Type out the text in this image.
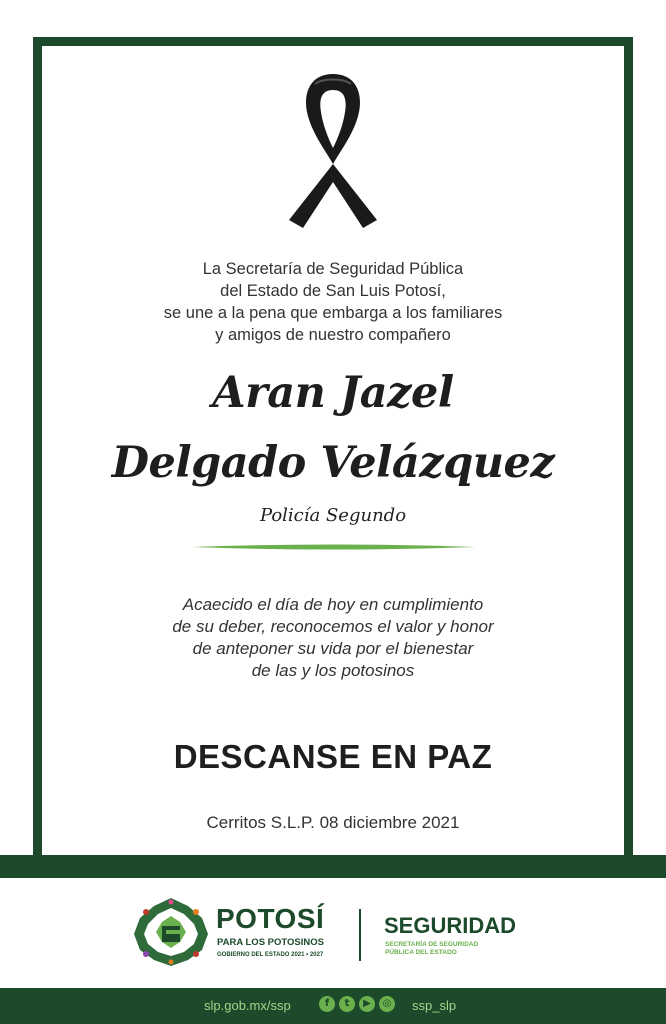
La Secretaría de Seguridad Pública
del Estado de San Luis Potosí,
se une a la pena que embarga a los familiares
y amigos de nuestro compañero
Aran Jazel
Delgado Velázquez
Policía Segundo
Acaecido el día de hoy en cumplimiento
de su deber, reconocemos el valor y honor
de anteponer su vida por el bienestar
de las y los potosinos
DESCANSE EN PAZ
Cerritos S.L.P. 08 diciembre 2021
POTOSÍ
PARA LOS POTOSINOS
GOBIERNO DEL ESTADO 2021 • 2027
SEGURIDAD
SECRETARÍA DE SEGURIDAD
PÚBLICA DEL ESTADO
slp.gob.mx/ssp	f	t	▶	◎ ssp_slp
